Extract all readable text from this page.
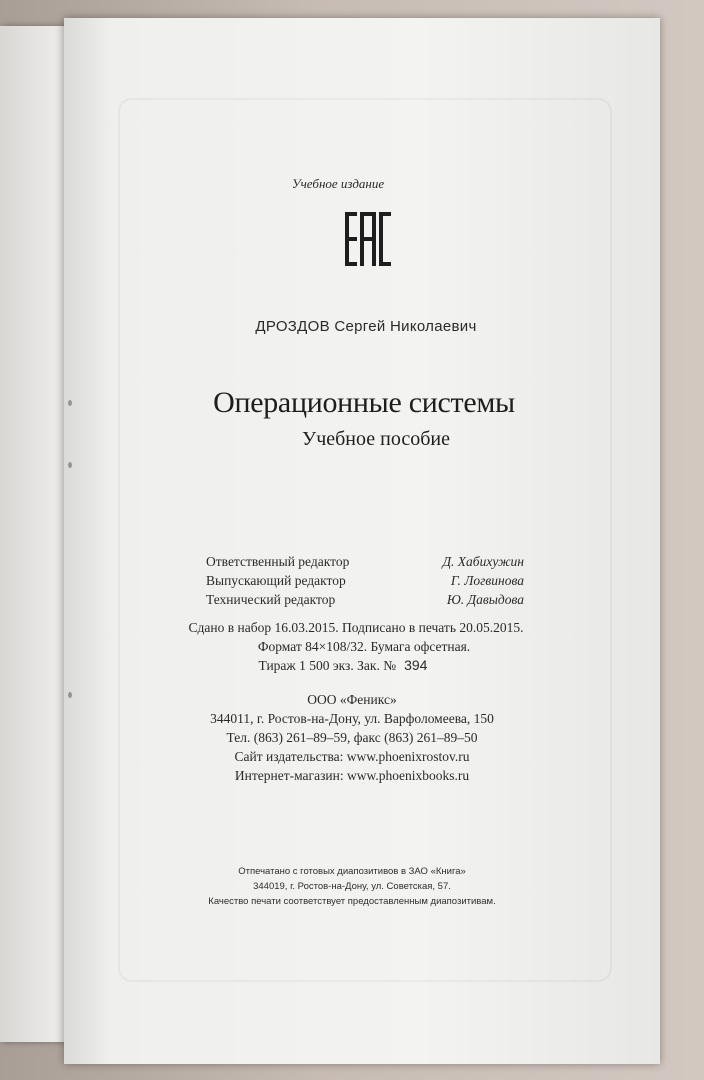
Учебное издание
ДРОЗДОВ Сергей Николаевич
Операционные системы
Учебное пособие
Ответственный редактор	Д. Хабихужин
Выпускающий редактор	Г. Логвинова
Технический редактор	Ю. Давыдова
Сдано в набор 16.03.2015. Подписано в печать 20.05.2015.
Формат 84×108/32. Бумага офсетная.
Тираж 1 500 экз. Зак. № 394
ООО «Феникс»
344011, г. Ростов-на-Дону, ул. Варфоломеева, 150
Тел. (863) 261–89–59, факс (863) 261–89–50
Сайт издательства: www.phoenixrostov.ru
Интернет-магазин: www.phoenixbooks.ru
Отпечатано с готовых диапозитивов в ЗАО «Книга»
344019, г. Ростов-на-Дону, ул. Советская, 57.
Качество печати соответствует предоставленным диапозитивам.
